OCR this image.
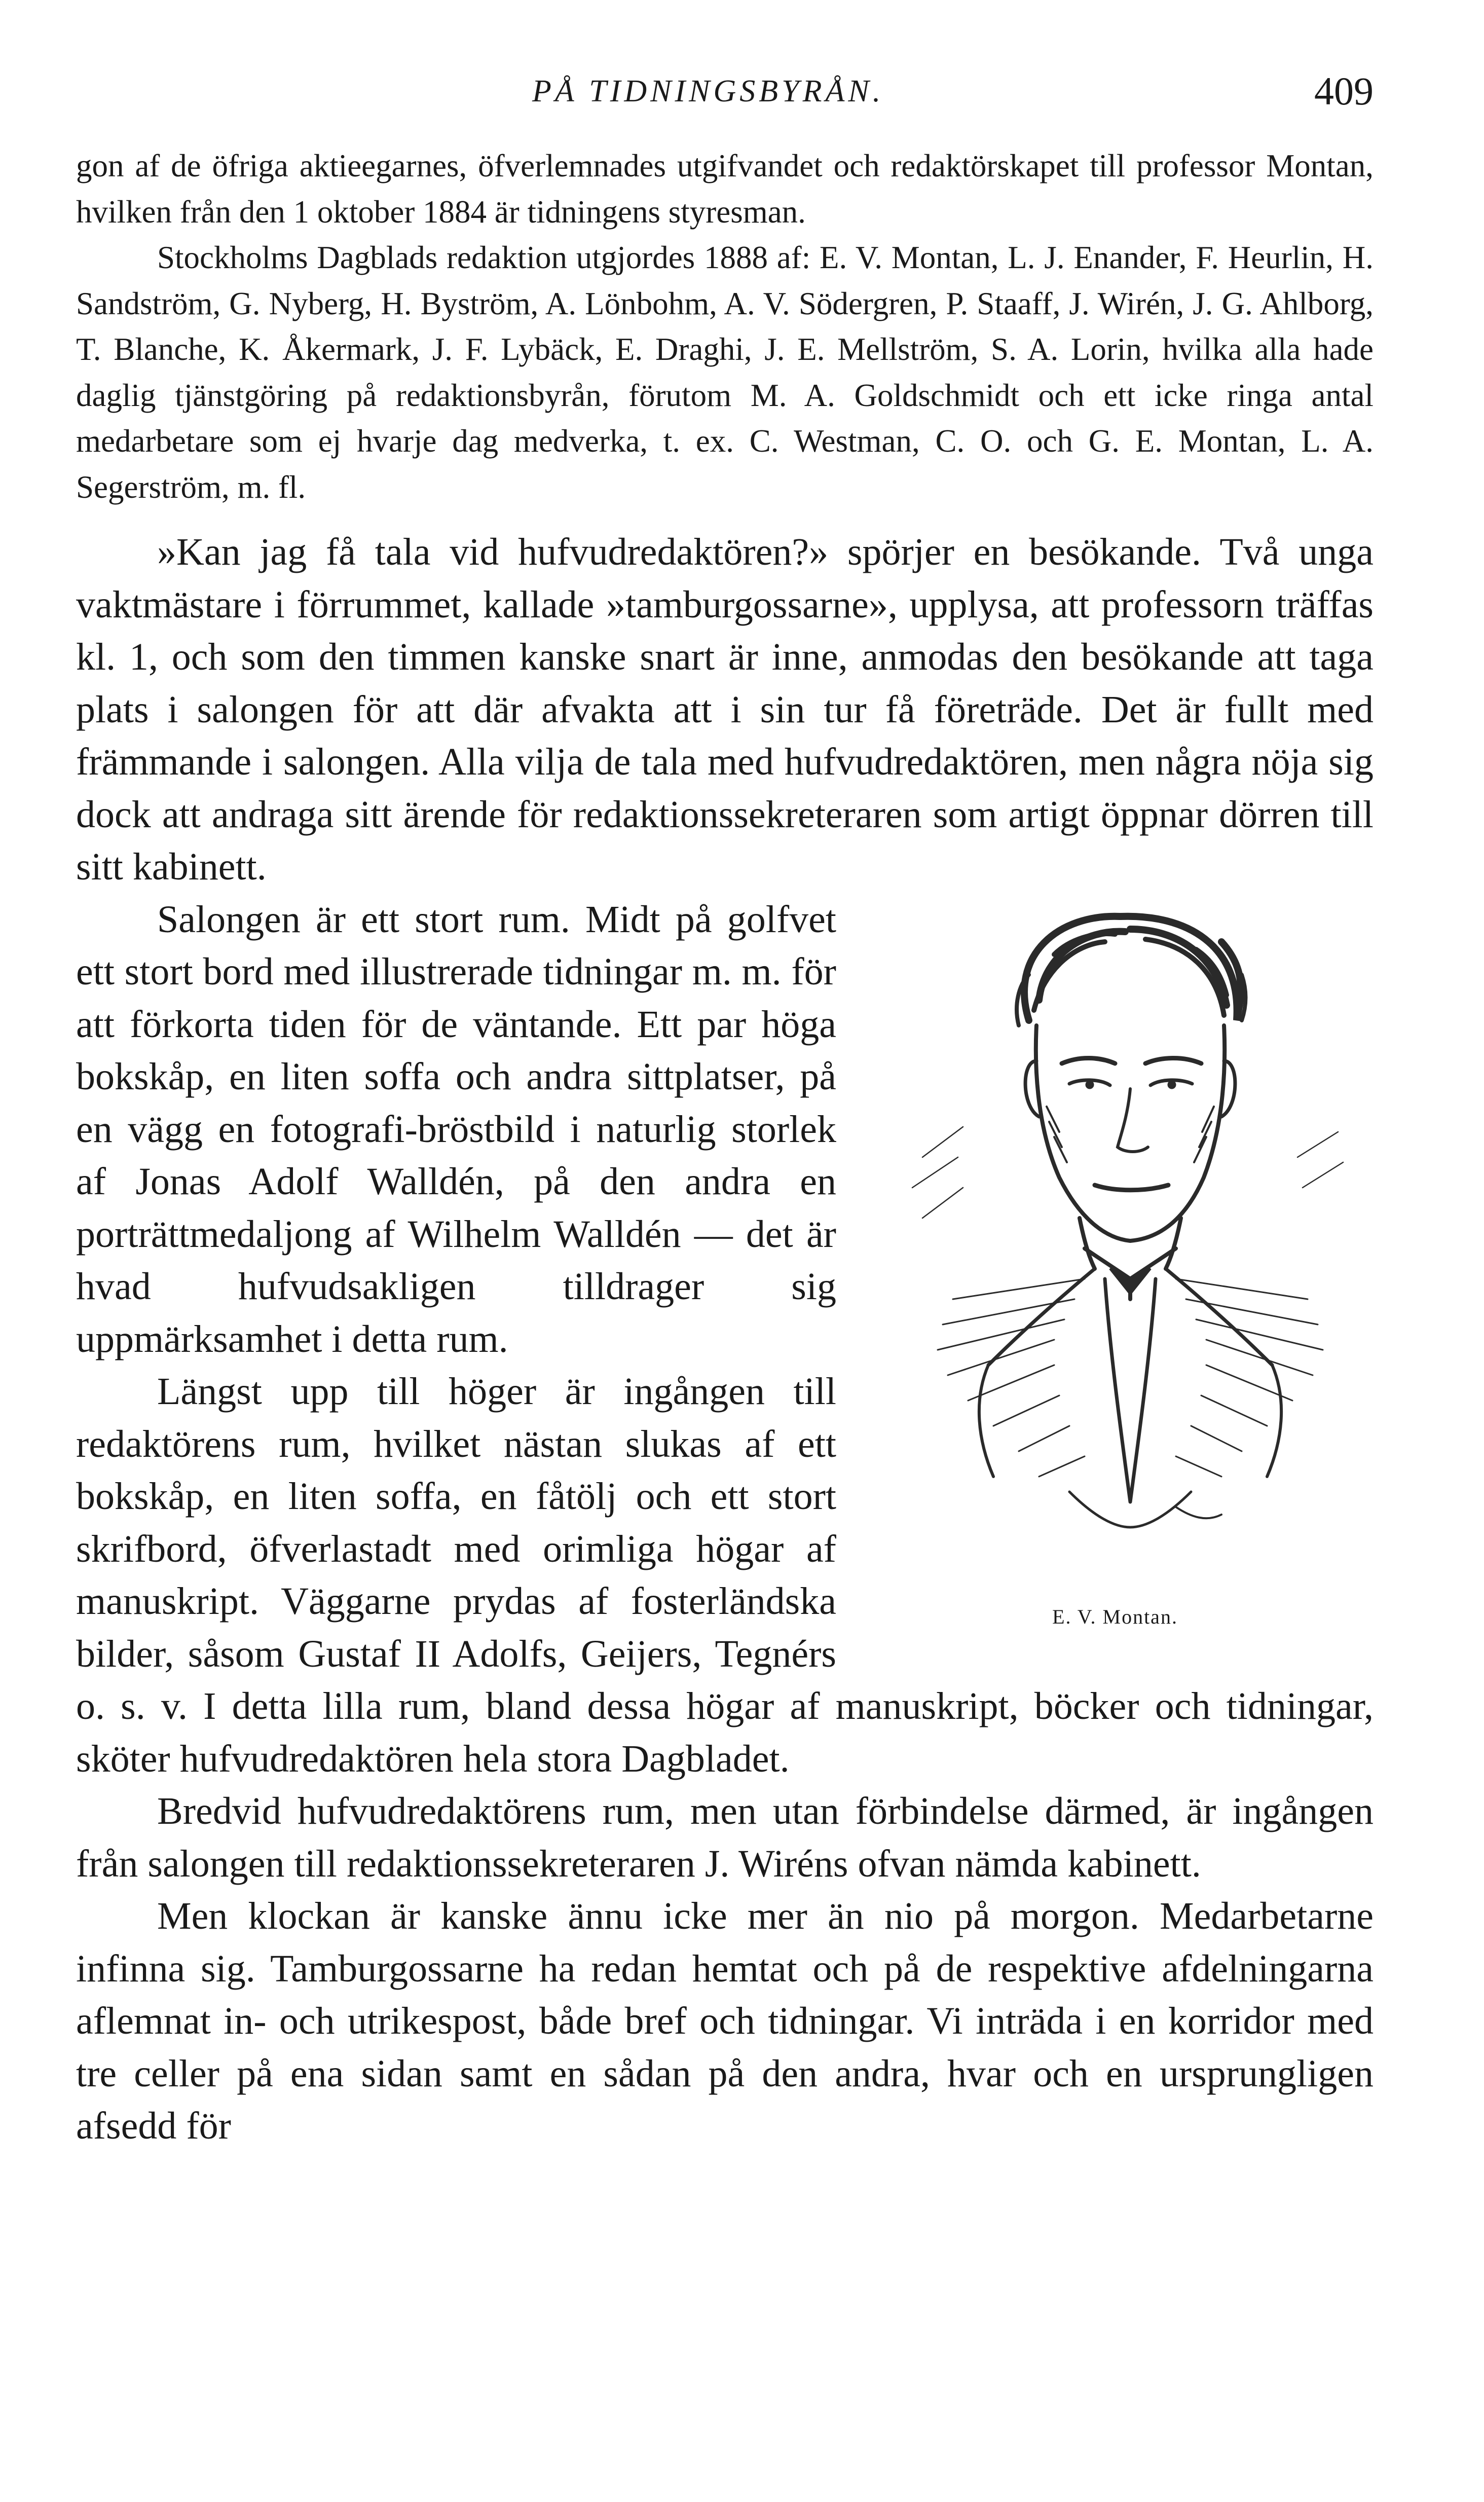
PÅ TIDNINGSBYRÅN.	409

gon af de öfriga aktieegarnes, öfverlemnades utgifvandet och redaktörskapet till professor Montan, hvilken från den 1 oktober 1884 är tidningens styresman.

Stockholms Dagblads redaktion utgjordes 1888 af: E. V. Montan, L. J. Enander, F. Heurlin, H. Sandström, G. Nyberg, H. Byström, A. Lönbohm, A. V. Södergren, P. Staaff, J. Wirén, J. G. Ahlborg, T. Blanche, K. Åkermark, J. F. Lybäck, E. Draghi, J. E. Mellström, S. A. Lorin, hvilka alla hade daglig tjänstgöring på redaktionsbyrån, förutom M. A. Goldschmidt och ett icke ringa antal medarbetare som ej hvarje dag medverka, t. ex. C. Westman, C. O. och G. E. Montan, L. A. Segerström, m. fl.

»Kan jag få tala vid hufvudredaktören?» spörjer en besökande. Två unga vaktmästare i förrummet, kallade »tamburgossarne», upplysa, att professorn träffas kl. 1, och som den timmen kanske snart är inne, anmodas den besökande att taga plats i salongen för att där afvakta att i sin tur få företräde. Det är fullt med främmande i salongen. Alla vilja de tala med hufvudredaktören, men några nöja sig dock att andraga sitt ärende för redaktionssekreteraren som artigt öppnar dörren till sitt kabinett.

E. V. Montan.

Salongen är ett stort rum. Midt på golfvet ett stort bord med illustrerade tidningar m. m. för att förkorta tiden för de väntande. Ett par höga bokskåp, en liten soffa och andra sittplatser, på en vägg en fotografi-bröstbild i naturlig storlek af Jonas Adolf Walldén, på den andra en porträttmedaljong af Wilhelm Walldén — det är hvad hufvudsakligen tilldrager sig uppmärksamhet i detta rum.

Längst upp till höger är ingången till redaktörens rum, hvilket nästan slukas af ett bokskåp, en liten soffa, en fåtölj och ett stort skrifbord, öfverlastadt med orimliga högar af manuskript. Väggarne prydas af fosterländska bilder, såsom Gustaf II Adolfs, Geijers, Tegnérs o. s. v. I detta lilla rum, bland dessa högar af manuskript, böcker och tidningar, sköter hufvudredaktören hela stora Dagbladet.

Bredvid hufvudredaktörens rum, men utan förbindelse därmed, är ingången från salongen till redaktionssekreteraren J. Wiréns ofvan nämda kabinett.

Men klockan är kanske ännu icke mer än nio på morgon. Medarbetarne infinna sig. Tamburgossarne ha redan hemtat och på de respektive afdelningarna aflemnat in- och utrikespost, både bref och tidningar. Vi inträda i en korridor med tre celler på ena sidan samt en sådan på den andra, hvar och en ursprungligen afsedd för
